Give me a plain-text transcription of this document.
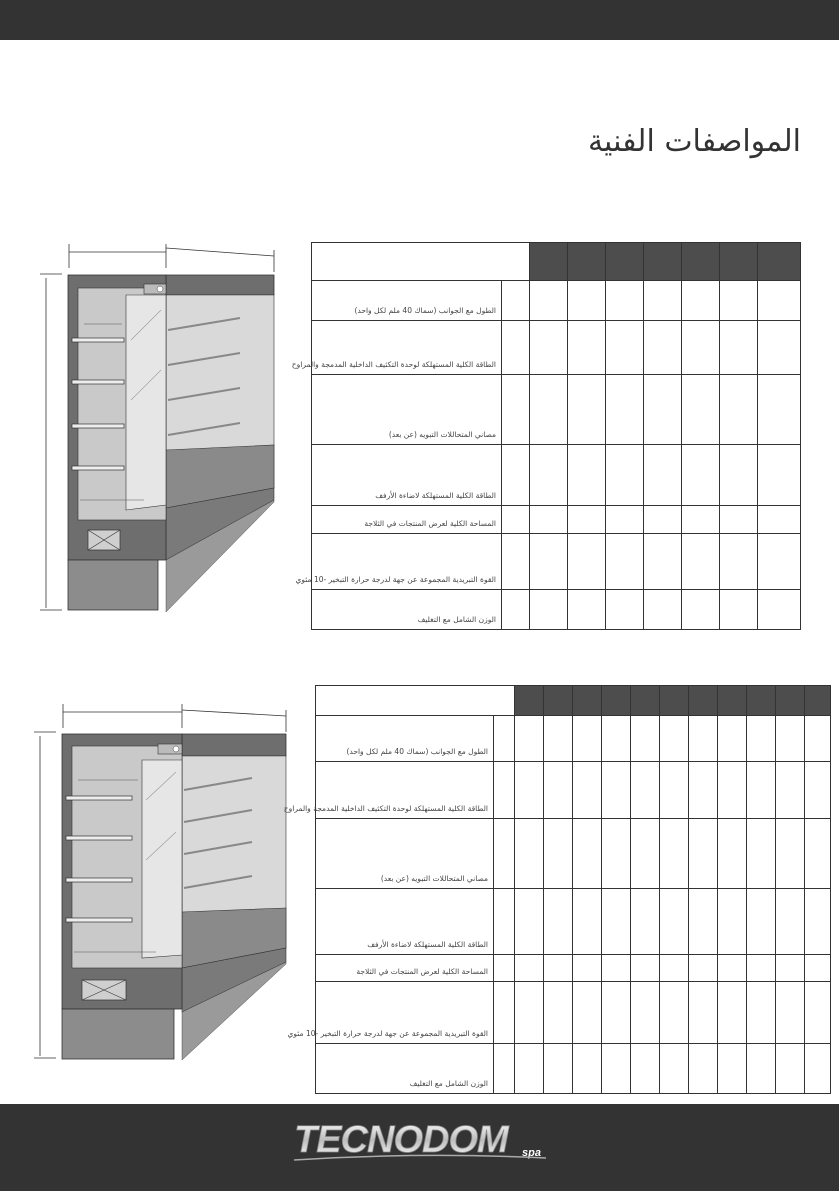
المواصفات الفنية

الطول مع الجوانب (سماك 40 ملم لكل واحد)								
الطاقة الكلية المستهلكة لوحدة التكثيف الداخلية المدمجة والمراوح								
مصاني المتحاللات التبويه (عن بعد)								
الطاقة الكلية المستهلكة لاضاءة الأرفف								
المساحة الكلية لعرض المنتجات في الثلاجة								
القوة التبريدية المجموعة عن جهة لدرجة حرارة التبخير -10 مئوي								
الوزن الشامل مع التغليف								

الطول مع الجوانب (سماك 40 ملم لكل واحد)												
الطاقة الكلية المستهلكة لوحدة التكثيف الداخلية المدمجة والمراوح												
مصاني المتحاللات التبويه (عن بعد)												
الطاقة الكلية المستهلكة لاضاءة الأرفف												
المساحة الكلية لعرض المنتجات في الثلاجة												
القوة التبريدية المجموعة عن جهة لدرجة حرارة التبخير -10 مئوي												
الوزن الشامل مع التغليف												
TECNODOM spa
